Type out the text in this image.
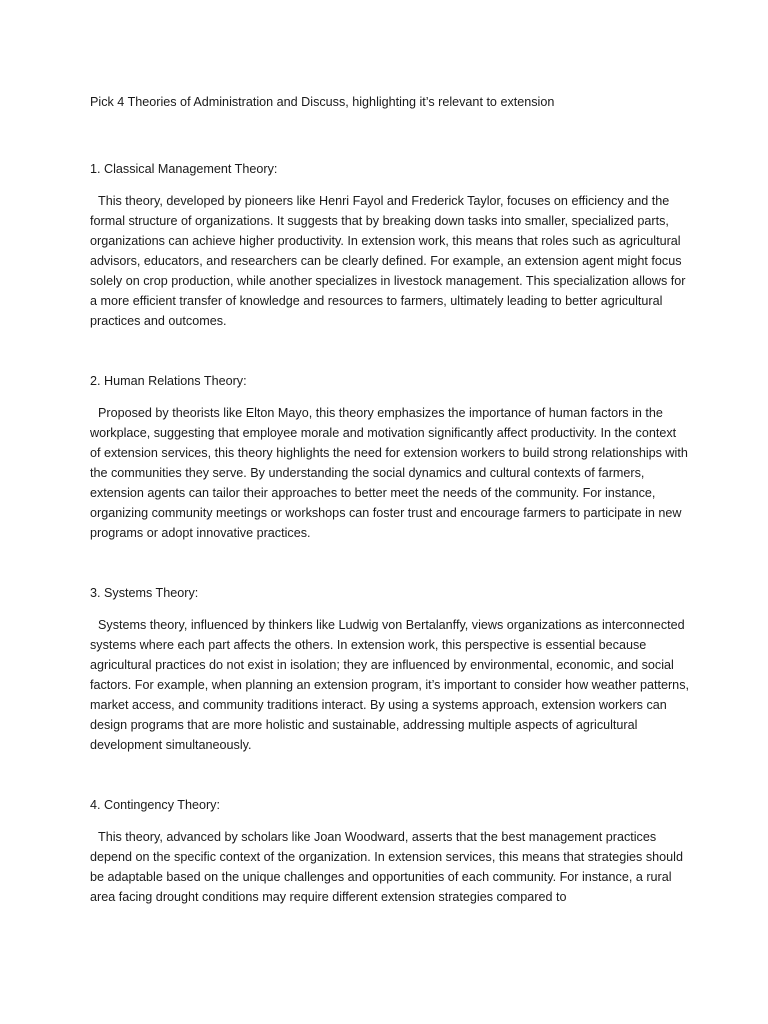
Pick 4 Theories of Administration and Discuss, highlighting it’s relevant to extension

1. Classical Management Theory:

This theory, developed by pioneers like Henri Fayol and Frederick Taylor, focuses on efficiency and the formal structure of organizations. It suggests that by breaking down tasks into smaller, specialized parts, organizations can achieve higher productivity. In extension work, this means that roles such as agricultural advisors, educators, and researchers can be clearly defined. For example, an extension agent might focus solely on crop production, while another specializes in livestock management. This specialization allows for a more efficient transfer of knowledge and resources to farmers, ultimately leading to better agricultural practices and outcomes.

2. Human Relations Theory:

Proposed by theorists like Elton Mayo, this theory emphasizes the importance of human factors in the workplace, suggesting that employee morale and motivation significantly affect productivity. In the context of extension services, this theory highlights the need for extension workers to build strong relationships with the communities they serve. By understanding the social dynamics and cultural contexts of farmers, extension agents can tailor their approaches to better meet the needs of the community. For instance, organizing community meetings or workshops can foster trust and encourage farmers to participate in new programs or adopt innovative practices.

3. Systems Theory:

Systems theory, influenced by thinkers like Ludwig von Bertalanffy, views organizations as interconnected systems where each part affects the others. In extension work, this perspective is essential because agricultural practices do not exist in isolation; they are influenced by environmental, economic, and social factors. For example, when planning an extension program, it’s important to consider how weather patterns, market access, and community traditions interact. By using a systems approach, extension workers can design programs that are more holistic and sustainable, addressing multiple aspects of agricultural development simultaneously.

4. Contingency Theory:

This theory, advanced by scholars like Joan Woodward, asserts that the best management practices depend on the specific context of the organization. In extension services, this means that strategies should be adaptable based on the unique challenges and opportunities of each community. For instance, a rural area facing drought conditions may require different extension strategies compared to
